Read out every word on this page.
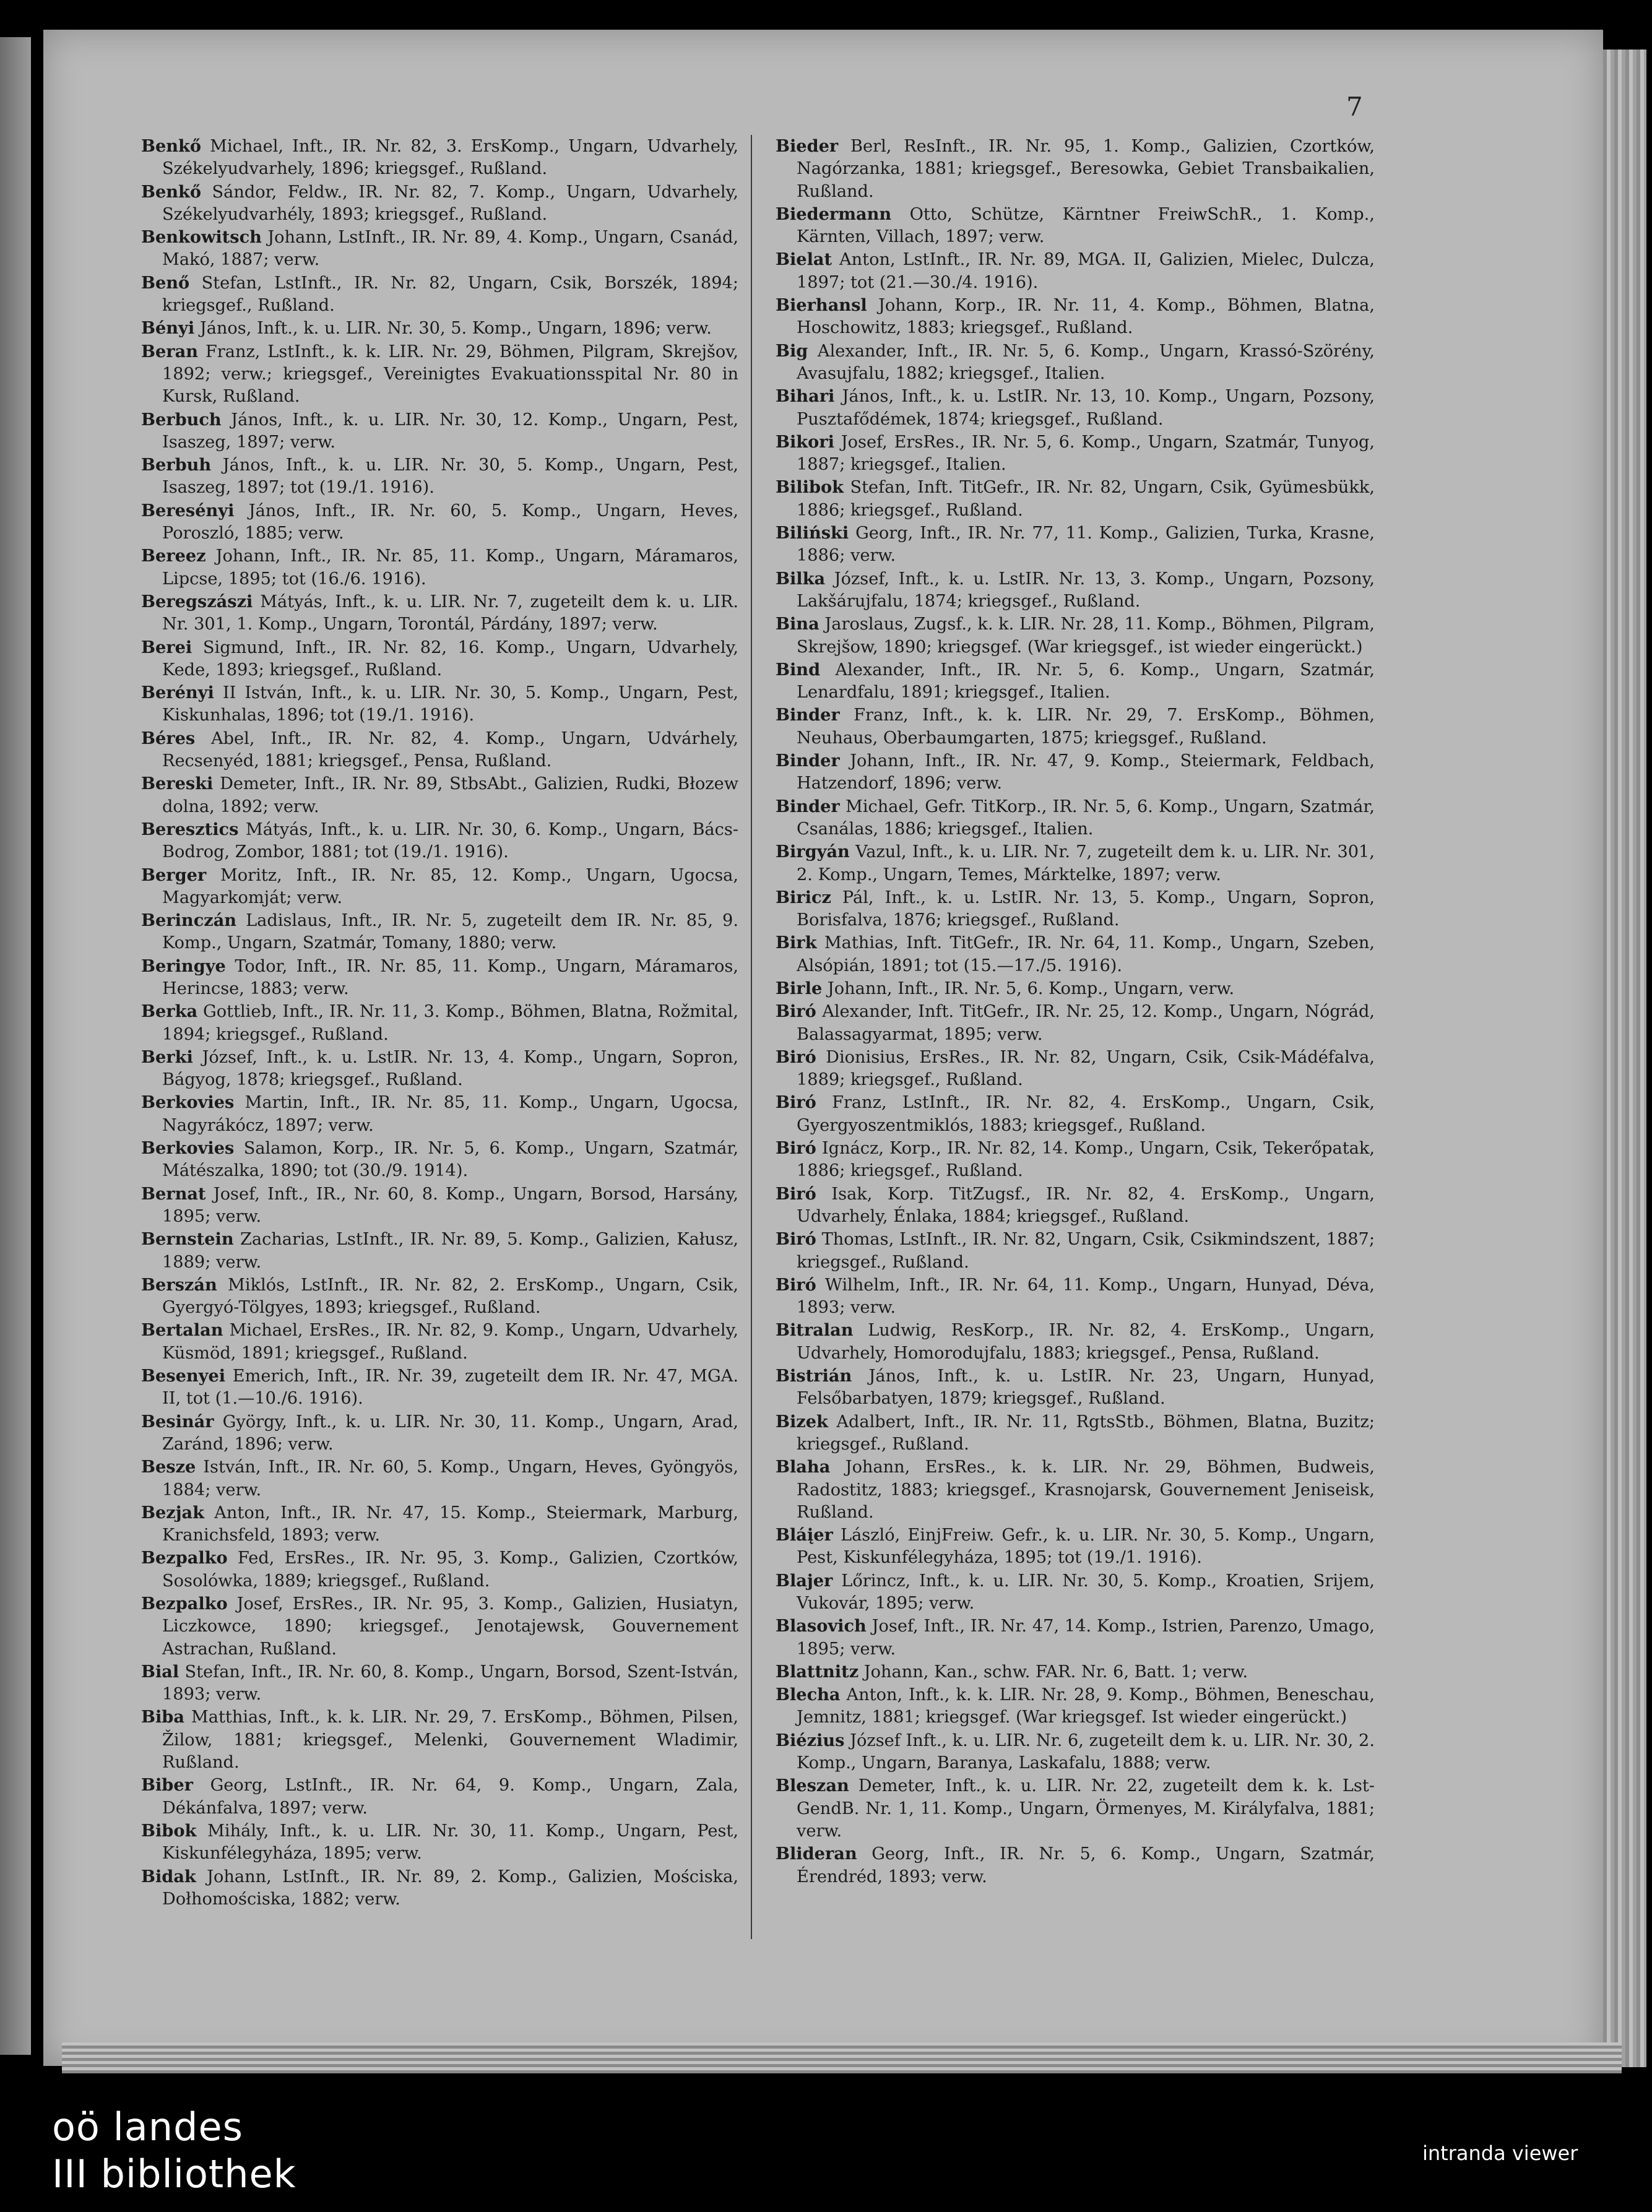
7

Benkő Michael, Inft., IR. Nr. 82, 3. ErsKomp., Ungarn, Udvarhely, Székelyudvarhely, 1896; kriegsgef., Rußland.

Benkő Sándor, Feldw., IR. Nr. 82, 7. Komp., Ungarn, Udvarhely, Székelyudvarhély, 1893; kriegsgef., Rußland.

Benkowitsch Johann, LstInft., IR. Nr. 89, 4. Komp., Ungarn, Csanád, Makó, 1887; verw.

Benő Stefan, LstInft., IR. Nr. 82, Ungarn, Csik, Borszék, 1894; kriegsgef., Rußland.

Bényi János, Inft., k. u. LIR. Nr. 30, 5. Komp., Ungarn, 1896; verw.

Beran Franz, LstInft., k. k. LIR. Nr. 29, Böhmen, Pilgram, Skrejšov, 1892; verw.; kriegsgef., Vereinigtes Evakuationsspital Nr. 80 in Kursk, Rußland.

Berbuch János, Inft., k. u. LIR. Nr. 30, 12. Komp., Ungarn, Pest, Isaszeg, 1897; verw.

Berbuh János, Inft., k. u. LIR. Nr. 30, 5. Komp., Ungarn, Pest, Isaszeg, 1897; tot (19./1. 1916).

Beresényi János, Inft., IR. Nr. 60, 5. Komp., Ungarn, Heves, Poroszló, 1885; verw.

Bereez Johann, Inft., IR. Nr. 85, 11. Komp., Ungarn, Máramaros, Lipcse, 1895; tot (16./6. 1916).

Beregszászi Mátyás, Inft., k. u. LIR. Nr. 7, zugeteilt dem k. u. LIR. Nr. 301, 1. Komp., Ungarn, Torontál, Párdány, 1897; verw.

Berei Sigmund, Inft., IR. Nr. 82, 16. Komp., Ungarn, Udvarhely, Kede, 1893; kriegsgef., Rußland.

Berényi II István, Inft., k. u. LIR. Nr. 30, 5. Komp., Ungarn, Pest, Kiskunhalas, 1896; tot (19./1. 1916).

Béres Abel, Inft., IR. Nr. 82, 4. Komp., Ungarn, Udvárhely, Recsenyéd, 1881; kriegsgef., Pensa, Rußland.

Bereski Demeter, Inft., IR. Nr. 89, StbsAbt., Galizien, Rudki, Błozew dolna, 1892; verw.

Beresztics Mátyás, Inft., k. u. LIR. Nr. 30, 6. Komp., Ungarn, Bács-Bodrog, Zombor, 1881; tot (19./1. 1916).

Berger Moritz, Inft., IR. Nr. 85, 12. Komp., Ungarn, Ugocsa, Magyarkomját; verw.

Berinczán Ladislaus, Inft., IR. Nr. 5, zugeteilt dem IR. Nr. 85, 9. Komp., Ungarn, Szatmár, Tomany, 1880; verw.

Beringye Todor, Inft., IR. Nr. 85, 11. Komp., Ungarn, Máramaros, Herincse, 1883; verw.

Berka Gottlieb, Inft., IR. Nr. 11, 3. Komp., Böhmen, Blatna, Rožmital, 1894; kriegsgef., Rußland.

Berki József, Inft., k. u. LstIR. Nr. 13, 4. Komp., Ungarn, Sopron, Bágyog, 1878; kriegsgef., Rußland.

Berkovies Martin, Inft., IR. Nr. 85, 11. Komp., Ungarn, Ugocsa, Nagyrákócz, 1897; verw.

Berkovies Salamon, Korp., IR. Nr. 5, 6. Komp., Ungarn, Szatmár, Mátészalka, 1890; tot (30./9. 1914).

Bernat Josef, Inft., IR., Nr. 60, 8. Komp., Ungarn, Borsod, Harsány, 1895; verw.

Bernstein Zacharias, LstInft., IR. Nr. 89, 5. Komp., Galizien, Kałusz, 1889; verw.

Berszán Miklós, LstInft., IR. Nr. 82, 2. ErsKomp., Ungarn, Csik, Gyergyó-Tölgyes, 1893; kriegsgef., Rußland.

Bertalan Michael, ErsRes., IR. Nr. 82, 9. Komp., Ungarn, Udvarhely, Küsmöd, 1891; kriegsgef., Rußland.

Besenyei Emerich, Inft., IR. Nr. 39, zugeteilt dem IR. Nr. 47, MGA. II, tot (1.—10./6. 1916).

Besinár György, Inft., k. u. LIR. Nr. 30, 11. Komp., Ungarn, Arad, Zaránd, 1896; verw.

Besze István, Inft., IR. Nr. 60, 5. Komp., Ungarn, Heves, Gyöngyös, 1884; verw.

Bezjak Anton, Inft., IR. Nr. 47, 15. Komp., Steiermark, Marburg, Kranichsfeld, 1893; verw.

Bezpalko Fed, ErsRes., IR. Nr. 95, 3. Komp., Galizien, Czortków, Sosolówka, 1889; kriegsgef., Rußland.

Bezpalko Josef, ErsRes., IR. Nr. 95, 3. Komp., Galizien, Husiatyn, Liczkowce, 1890; kriegsgef., Jenotajewsk, Gouvernement Astrachan, Rußland.

Bial Stefan, Inft., IR. Nr. 60, 8. Komp., Ungarn, Borsod, Szent-István, 1893; verw.

Biba Matthias, Inft., k. k. LIR. Nr. 29, 7. ErsKomp., Böhmen, Pilsen, Žilow, 1881; kriegsgef., Melenki, Gouvernement Wladimir, Rußland.

Biber Georg, LstInft., IR. Nr. 64, 9. Komp., Ungarn, Zala, Dékánfalva, 1897; verw.

Bibok Mihály, Inft., k. u. LIR. Nr. 30, 11. Komp., Ungarn, Pest, Kiskunfélegyháza, 1895; verw.

Bidak Johann, LstInft., IR. Nr. 89, 2. Komp., Galizien, Mościska, Dołhomościska, 1882; verw.

Bieder Berl, ResInft., IR. Nr. 95, 1. Komp., Galizien, Czortków, Nagórzanka, 1881; kriegsgef., Beresowka, Gebiet Transbaikalien, Rußland.

Biedermann Otto, Schütze, Kärntner FreiwSchR., 1. Komp., Kärnten, Villach, 1897; verw.

Bielat Anton, LstInft., IR. Nr. 89, MGA. II, Galizien, Mielec, Dulcza, 1897; tot (21.—30./4. 1916).

Bierhansl Johann, Korp., IR. Nr. 11, 4. Komp., Böhmen, Blatna, Hoschowitz, 1883; kriegsgef., Rußland.

Big Alexander, Inft., IR. Nr. 5, 6. Komp., Ungarn, Krassó-Szörény, Avasujfalu, 1882; kriegsgef., Italien.

Bihari János, Inft., k. u. LstIR. Nr. 13, 10. Komp., Ungarn, Pozsony, Pusztafődémek, 1874; kriegsgef., Rußland.

Bikori Josef, ErsRes., IR. Nr. 5, 6. Komp., Ungarn, Szatmár, Tunyog, 1887; kriegsgef., Italien.

Bilibok Stefan, Inft. TitGefr., IR. Nr. 82, Ungarn, Csik, Gyümesbükk, 1886; kriegsgef., Rußland.

Biliński Georg, Inft., IR. Nr. 77, 11. Komp., Galizien, Turka, Krasne, 1886; verw.

Bilka József, Inft., k. u. LstIR. Nr. 13, 3. Komp., Ungarn, Pozsony, Lakšárujfalu, 1874; kriegsgef., Rußland.

Bina Jaroslaus, Zugsf., k. k. LIR. Nr. 28, 11. Komp., Böhmen, Pilgram, Skrejšow, 1890; kriegsgef. (War kriegsgef., ist wieder eingerückt.)

Bind Alexander, Inft., IR. Nr. 5, 6. Komp., Ungarn, Szatmár, Lenardfalu, 1891; kriegsgef., Italien.

Binder Franz, Inft., k. k. LIR. Nr. 29, 7. ErsKomp., Böhmen, Neuhaus, Oberbaumgarten, 1875; kriegsgef., Rußland.

Binder Johann, Inft., IR. Nr. 47, 9. Komp., Steiermark, Feldbach, Hatzendorf, 1896; verw.

Binder Michael, Gefr. TitKorp., IR. Nr. 5, 6. Komp., Ungarn, Szatmár, Csanálas, 1886; kriegsgef., Italien.

Birgyán Vazul, Inft., k. u. LIR. Nr. 7, zugeteilt dem k. u. LIR. Nr. 301, 2. Komp., Ungarn, Temes, Márktelke, 1897; verw.

Biricz Pál, Inft., k. u. LstIR. Nr. 13, 5. Komp., Ungarn, Sopron, Borisfalva, 1876; kriegsgef., Rußland.

Birk Mathias, Inft. TitGefr., IR. Nr. 64, 11. Komp., Ungarn, Szeben, Alsópián, 1891; tot (15.—17./5. 1916).

Birle Johann, Inft., IR. Nr. 5, 6. Komp., Ungarn, verw.

Biró Alexander, Inft. TitGefr., IR. Nr. 25, 12. Komp., Ungarn, Nógrád, Balassagyarmat, 1895; verw.

Biró Dionisius, ErsRes., IR. Nr. 82, Ungarn, Csik, Csik-Mádéfalva, 1889; kriegsgef., Rußland.

Biró Franz, LstInft., IR. Nr. 82, 4. ErsKomp., Ungarn, Csik, Gyergyoszentmiklós, 1883; kriegsgef., Rußland.

Biró Ignácz, Korp., IR. Nr. 82, 14. Komp., Ungarn, Csik, Tekerőpatak, 1886; kriegsgef., Rußland.

Biró Isak, Korp. TitZugsf., IR. Nr. 82, 4. ErsKomp., Ungarn, Udvarhely, Énlaka, 1884; kriegsgef., Rußland.

Biró Thomas, LstInft., IR. Nr. 82, Ungarn, Csik, Csikmindszent, 1887; kriegsgef., Rußland.

Biró Wilhelm, Inft., IR. Nr. 64, 11. Komp., Ungarn, Hunyad, Déva, 1893; verw.

Bitralan Ludwig, ResKorp., IR. Nr. 82, 4. ErsKomp., Ungarn, Udvarhely, Homorodujfalu, 1883; kriegsgef., Pensa, Rußland.

Bistrián János, Inft., k. u. LstIR. Nr. 23, Ungarn, Hunyad, Felsőbarbatyen, 1879; kriegsgef., Rußland.

Bizek Adalbert, Inft., IR. Nr. 11, RgtsStb., Böhmen, Blatna, Buzitz; kriegsgef., Rußland.

Blaha Johann, ErsRes., k. k. LIR. Nr. 29, Böhmen, Budweis, Radostitz, 1883; kriegsgef., Krasnojarsk, Gouvernement Jeniseisk, Rußland.

Bláįer László, EinjFreiw. Gefr., k. u. LIR. Nr. 30, 5. Komp., Ungarn, Pest, Kiskunfélegyháza, 1895; tot (19./1. 1916).

Blajer Lőrincz, Inft., k. u. LIR. Nr. 30, 5. Komp., Kroatien, Srijem, Vukovár, 1895; verw.

Blasovich Josef, Inft., IR. Nr. 47, 14. Komp., Istrien, Parenzo, Umago, 1895; verw.

Blattnitz Johann, Kan., schw. FAR. Nr. 6, Batt. 1; verw.

Blecha Anton, Inft., k. k. LIR. Nr. 28, 9. Komp., Böhmen, Beneschau, Jemnitz, 1881; kriegsgef. (War kriegsgef. Ist wieder eingerückt.)

Biézius József Inft., k. u. LIR. Nr. 6, zugeteilt dem k. u. LIR. Nr. 30, 2. Komp., Ungarn, Baranya, Laskafalu, 1888; verw.

Bleszan Demeter, Inft., k. u. LIR. Nr. 22, zugeteilt dem k. k. Lst-GendB. Nr. 1, 11. Komp., Ungarn, Örmenyes, M. Királyfalva, 1881; verw.

Blideran Georg, Inft., IR. Nr. 5, 6. Komp., Ungarn, Szatmár, Érendréd, 1893; verw.

oö landes
III bibliothek	intranda viewer
